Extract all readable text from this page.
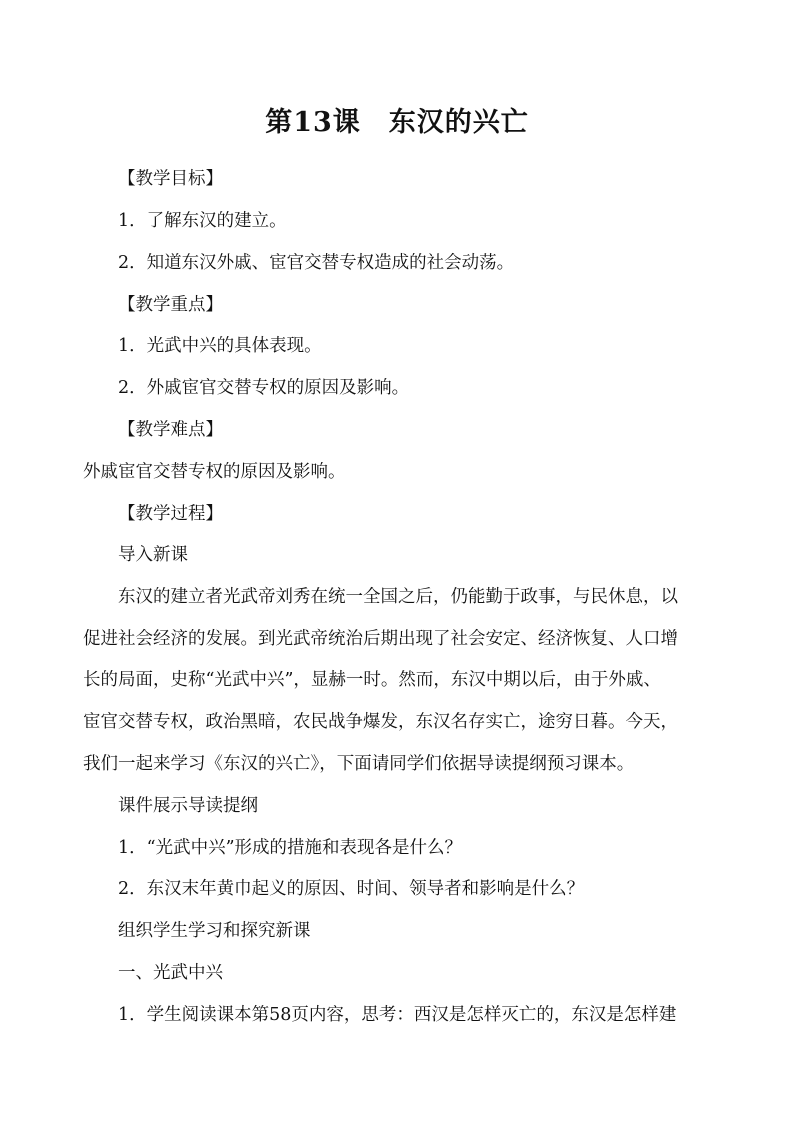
第13课　东汉的兴亡
【教学目标】
1．了解东汉的建立。
2．知道东汉外戚、宦官交替专权造成的社会动荡。
【教学重点】
1．光武中兴的具体表现。
2．外戚宦官交替专权的原因及影响。
【教学难点】
外戚宦官交替专权的原因及影响。
【教学过程】
导入新课
东汉的建立者光武帝刘秀在统一全国之后，仍能勤于政事，与民休息，以
促进社会经济的发展。到光武帝统治后期出现了社会安定、经济恢复、人口增
长的局面，史称“光武中兴”，显赫一时。然而，东汉中期以后，由于外戚、
宦官交替专权，政治黑暗，农民战争爆发，东汉名存实亡，途穷日暮。今天，
我们一起来学习《东汉的兴亡》，下面请同学们依据导读提纲预习课本。
课件展示导读提纲
1．“光武中兴”形成的措施和表现各是什么？
2．东汉末年黄巾起义的原因、时间、领导者和影响是什么？
组织学生学习和探究新课
一、光武中兴
1．学生阅读课本第58页内容，思考：西汉是怎样灭亡的，东汉是怎样建
